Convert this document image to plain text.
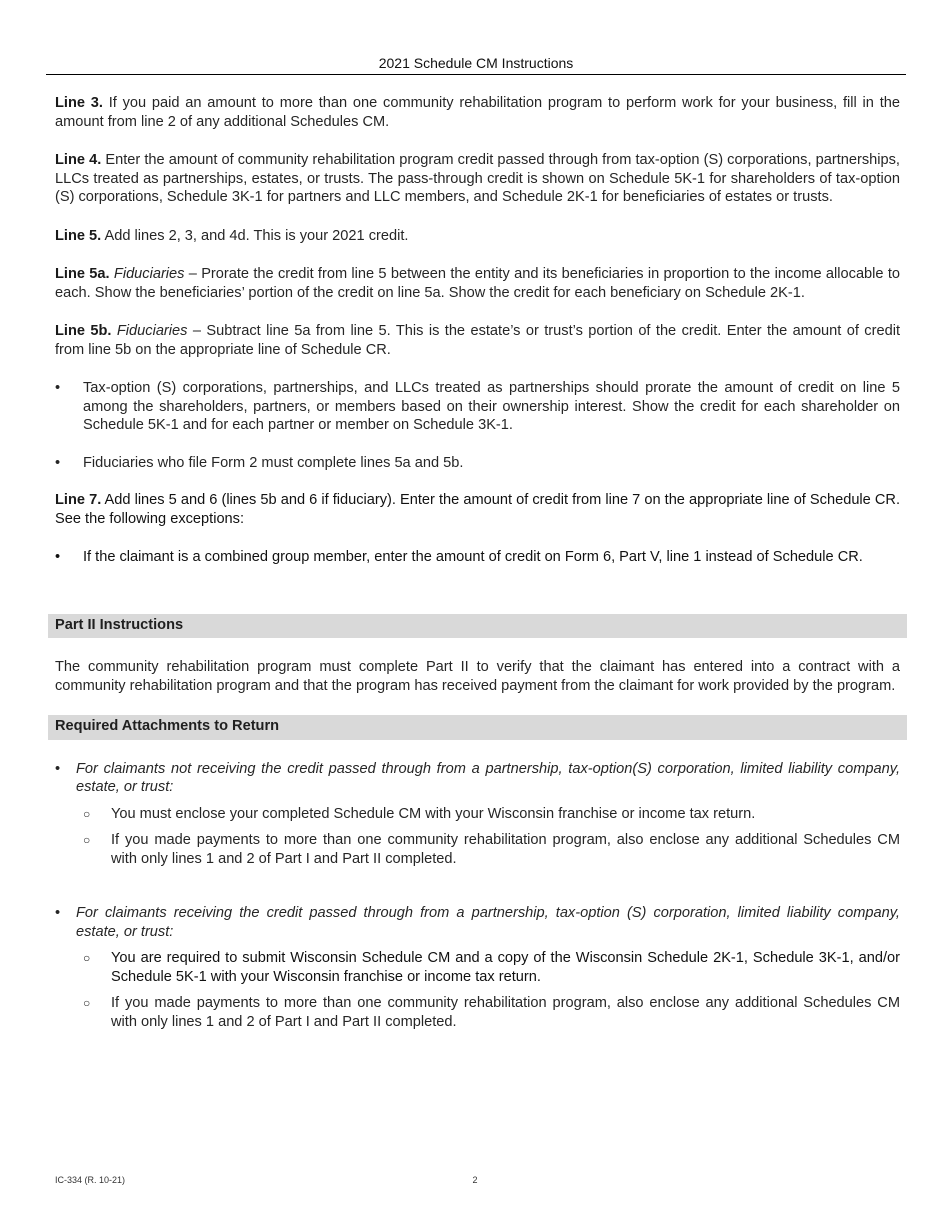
2021 Schedule CM Instructions

Line 3. If you paid an amount to more than one community rehabilitation program to perform work for your business, fill in the amount from line 2 of any additional Schedules CM.

Line 4. Enter the amount of community rehabilitation program credit passed through from tax-option (S) corporations, partnerships, LLCs treated as partnerships, estates, or trusts. The pass-through credit is shown on Schedule 5K-1 for shareholders of tax-option (S) corporations, Schedule 3K-1 for partners and LLC members, and Schedule 2K-1 for beneficiaries of estates or trusts.

Line 5. Add lines 2, 3, and 4d. This is your 2021 credit.

Line 5a. Fiduciaries – Prorate the credit from line 5 between the entity and its beneficiaries in proportion to the income allocable to each. Show the beneficiaries’ portion of the credit on line 5a. Show the credit for each beneficiary on Schedule 2K-1.

Line 5b. Fiduciaries – Subtract line 5a from line 5. This is the estate’s or trust’s portion of the credit. Enter the amount of credit from line 5b on the appropriate line of Schedule CR.

• Tax-option (S) corporations, partnerships, and LLCs treated as partnerships should prorate the amount of credit on line 5 among the shareholders, partners, or members based on their ownership interest. Show the credit for each shareholder on Schedule 5K-1 and for each partner or member on Schedule 3K-1.
• Fiduciaries who file Form 2 must complete lines 5a and 5b.

Line 7. Add lines 5 and 6 (lines 5b and 6 if fiduciary). Enter the amount of credit from line 7 on the appropriate line of Schedule CR. See the following exceptions:

• If the claimant is a combined group member, enter the amount of credit on Form 6, Part V, line 1 instead of Schedule CR.
Part II Instructions

The community rehabilitation program must complete Part II to verify that the claimant has entered into a contract with a community rehabilitation program and that the program has received payment from the claimant for work provided by the program.

Required Attachments to Return
• For claimants not receiving the credit passed through from a partnership, tax-option(S) corporation, limited liability company, estate, or trust:
○ You must enclose your completed Schedule CM with your Wisconsin franchise or income tax return.
○ If you made payments to more than one community rehabilitation program, also enclose any additional Schedules CM with only lines 1 and 2 of Part I and Part II completed.
• For claimants receiving the credit passed through from a partnership, tax-option (S) corporation, limited liability company, estate, or trust:
○ You are required to submit Wisconsin Schedule CM and a copy of the Wisconsin Schedule 2K-1, Schedule 3K-1, and/or Schedule 5K-1 with your Wisconsin franchise or income tax return.
○ If you made payments to more than one community rehabilitation program, also enclose any additional Schedules CM with only lines 1 and 2 of Part I and Part II completed.
IC-334 (R. 10-21)	2
